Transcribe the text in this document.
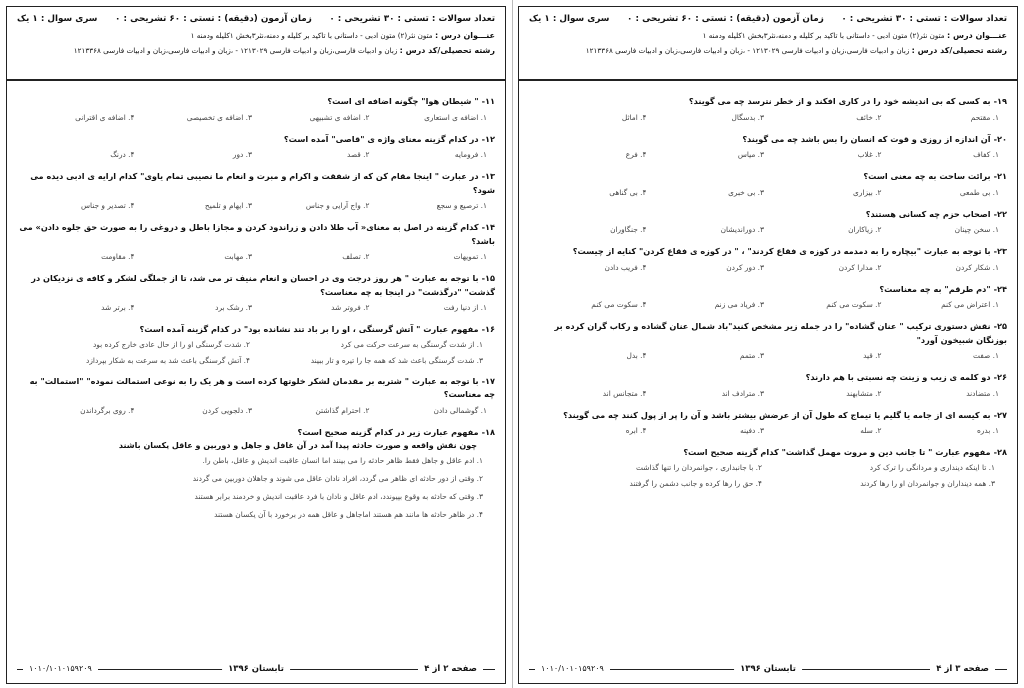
تعداد سوالات : تستی : ۳۰ تشریحی : ۰
زمان آزمون (دقیقه) : تستی : ۶۰ تشریحی : ۰
سری سوال : ۱ یک
عنـــوان درس : متون نثر(۲) متون ادبی - داستانی با تاکید بر کلیله و دمنه،نثر۳بخش ۱کلیله ودمنه ۱
رشته تحصیلی/کد درس : زبان و ادبیات فارسی،زبان و ادبیات فارسی ۱۲۱۳۰۲۹ - ،زبان و ادبیات فارسی،زبان و ادبیات فارسی ۱۲۱۳۳۶۸
۱۱-" شیطان هوا" چگونه اضافه ای است؟
۱. اضافه ی استعاری
۲. اضافه ی تشبیهی
۳. اضافه ی تخصیصی
۴. اضافه ی اقترانی
۱۲-در کدام گزینه معنای واژه ی "قاصی" آمده است؟
۱. فرومایه
۲. قصد
۳. دور
۴. درنگ
۱۳-در عبارت " اینجا مقام کن که از شفقت و اکرام و مبرت و انعام ما نصیبی تمام یاوی" کدام ارایه ی ادبی دیده می شود؟
۱. ترصیع و سجع
۲. واج آرایی و جناس
۳. ایهام و تلمیح
۴. تصدیر و جناس
۱۴-کدام گزینه در اصل به معنای« آب طلا دادن و زراندود کردن و مجازا باطل و دروغی را به صورت حق جلوه دادن» می باشد؟
۱. تمویهات
۲. تصلف
۳. مهابت
۴. مقاومت
۱۵-با توجه به عبارت " هر روز درجت وی در احسان و انعام منیف تر می شد، تا از جملگی لشکر و کافه ی نزدیکان در گذشت" "درگذشت" در اینجا به چه معناست؟
۱. از دنیا رفت
۲. فروتر شد
۳. رشک برد
۴. برتر شد
۱۶-مفهوم عبارت " آتش گرسنگی ، او را بر باد تند نشانده بود" در کدام گزینه آمده است؟
۱. از شدت گرسنگی به سرعت حرکت می کرد
۲. شدت گرسنگی او را از حال عادی خارج کرده بود
۳. شدت گرسنگی باعث شد که همه جا را تیره و تار ببیند
۴. آتش گرسنگی باعث شد به سرعت به شکار بپردازد
۱۷-با توجه به عبارت " شتربه بر مقدمان لشکر خلوتها کرده است و هر یک را به نوعی استمالت نموده" "استمالت" به چه معناست؟
۱. گوشمالی دادن
۲. احترام گذاشتن
۳. دلجویی کردن
۴. روی برگرداندن
۱۸-مفهوم عبارت زیر در کدام گزینه صحیح است؟
چون نقش واقعه و صورت حادثه پیدا آمد در آن غافل و جاهل و دوربین و عاقل یکسان باشند
۱. ادم عاقل و جاهل فقط ظاهر حادثه را می بینند اما انسان عاقبت اندیش و عاقل، باطن را.
۲. وقتی از دور حادثه ای ظاهر می گردد، افراد نادان عاقل می شوند و جاهلان دوربین می گردند
۳. وقتی که حادثه به وقوع بپیوندد، ادم عاقل و نادان با فرد عاقبت اندیش و خردمند برابر هستند
۴. در ظاهر حادثه ها مانند هم هستند اماجاهل و عاقل همه در برخورد با آن یکسان هستند
صفحه ۲ از ۴
تابستان ۱۳۹۶
۱۰۱۰/۱۰۱۰۱۵۹۲۰۹
تعداد سوالات : تستی : ۳۰ تشریحی : ۰
زمان آزمون (دقیقه) : تستی : ۶۰ تشریحی : ۰
سری سوال : ۱ یک
عنـــوان درس : متون نثر(۲) متون ادبی - داستانی با تاکید بر کلیله و دمنه،نثر۳بخش ۱کلیله ودمنه ۱
رشته تحصیلی/کد درس : زبان و ادبیات فارسی،زبان و ادبیات فارسی ۱۲۱۳۰۲۹ - ،زبان و ادبیات فارسی،زبان و ادبیات فارسی ۱۲۱۳۳۶۸
۱۹-به کسی که بی اندیشه خود را در کاری افکند و از خطر نترسد چه می گویند؟
۱. مقتحم
۲. خائف
۳. بدسگال
۴. اماثل
۲۰-آن اندازه از روزی و قوت که انسان را بس باشد چه می گویند؟
۱. کفاف
۲. غلاب
۳. میاس
۴. فرع
۲۱-برائت ساحت به چه معنی است؟
۱. بی طمعی
۲. بیزاری
۳. بی خبری
۴. بی گناهی
۲۲-اصحاب حزم چه کسانی هستند؟
۱. سخن چینان
۲. زیاکاران
۳. دوراندیشان
۴. جنگاوران
۲۳-با توجه به عبارت "بیچاره را به دمدمه در کوزه ی فقاع کردند" ، " در کوزه ی فقاع کردن" کنایه از چیست؟
۱. شکار کردن
۲. مدارا کردن
۳. دور کردن
۴. فریب دادن
۲۴-"دم طرقم" به چه معناست؟
۱. اعتراض می کنم
۲. سکوت می کنم
۳. فریاد می زنم
۴. سکوت می کنم
۲۵-نقش دستوری ترکیب " عنان گشاده" را در جمله زیر مشخص کنید"باد شمال عنان گشاده و رکاب گران کرده بر بوزنگان شبیخون آورد"
۱. صفت
۲. قید
۳. متمم
۴. بدل
۲۶-دو کلمه ی زیب و زینت چه نسبتی با هم دارند؟
۱. متضادند
۲. متشابهند
۳. مترادف اند
۴. متجانس اند
۲۷-به کیسه ای از جامه یا گلیم یا تیماج که طول آن از عرضش بیشتر باشد و آن را پر از پول کنند چه می گویند؟
۱. بدره
۲. سله
۳. دفینه
۴. ابره
۲۸-مفهوم عبارت " تا جانب دین و مروت مهمل گذاشت" کدام گزینه صحیح است؟
۱. تا اینکه دینداری و مردانگی را ترک کرد
۲. با جانبداری ، جوانمردان را تنها گذاشت
۳. همه دینداران و جوانمردان او را رها کردند
۴. حق را رها کرده و جانب دشمن را گرفتند
صفحه ۳ از ۴
تابستان ۱۳۹۶
۱۰۱۰/۱۰۱۰۱۵۹۲۰۹
